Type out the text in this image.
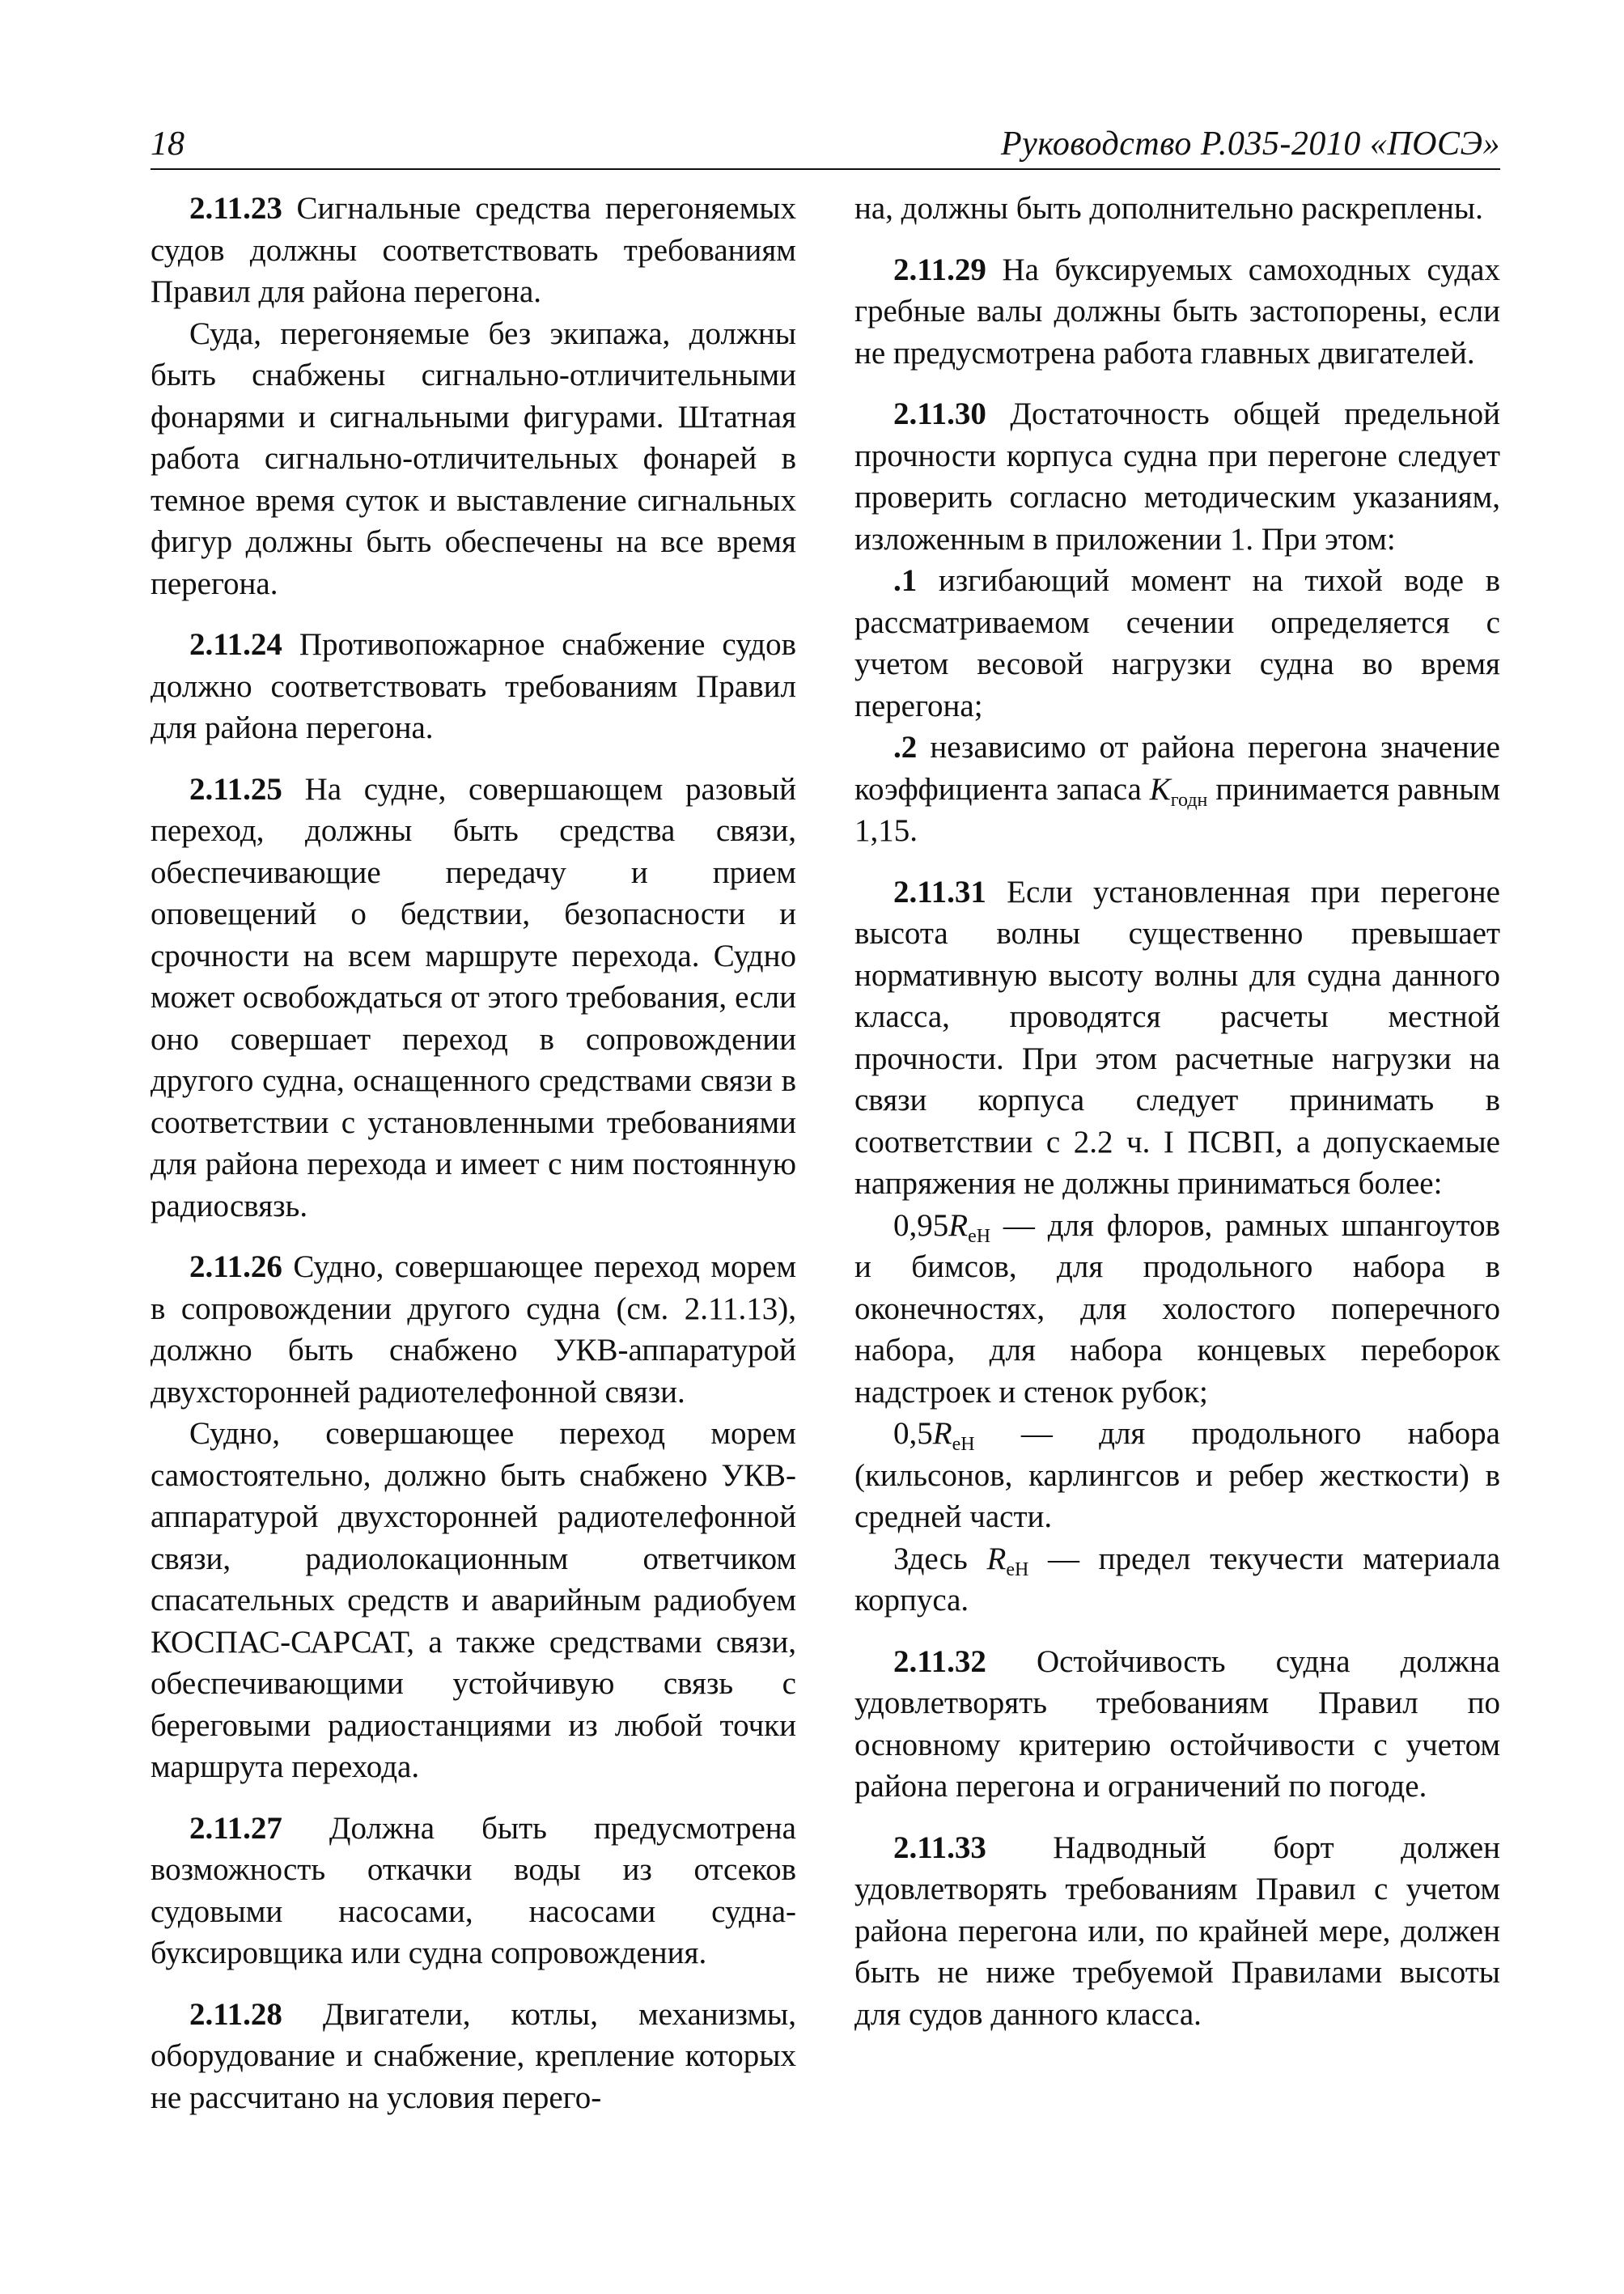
18	Руководство Р.035-2010 «ПОСЭ»

2.11.23 Сигнальные средства перегоняемых судов должны соответствовать требованиям Правил для района перегона.

Суда, перегоняемые без экипажа, должны быть снабжены сигнально-отличительными фонарями и сигнальными фигурами. Штатная работа сигнально-отличительных фонарей в темное время суток и выставление сигнальных фигур должны быть обеспечены на все время перегона.

2.11.24 Противопожарное снабжение судов должно соответствовать требованиям Правил для района перегона.

2.11.25 На судне, совершающем разовый переход, должны быть средства связи, обеспечивающие передачу и прием оповещений о бедствии, безопасности и срочности на всем маршруте перехода. Судно может освобождаться от этого требования, если оно совершает переход в сопровождении другого судна, оснащенного средствами связи в соответствии с установленными требованиями для района перехода и имеет с ним постоянную радиосвязь.

2.11.26 Судно, совершающее переход морем в сопровождении другого судна (см. 2.11.13), должно быть снабжено УКВ-аппаратурой двухсторонней радиотелефонной связи.

Судно, совершающее переход морем самостоятельно, должно быть снабжено УКВ-аппаратурой двухсторонней радиотелефонной связи, радиолокационным ответчиком спасательных средств и аварийным радиобуем КОСПАС-САРСАТ, а также средствами связи, обеспечивающими устойчивую связь с береговыми радиостанциями из любой точки маршрута перехода.

2.11.27 Должна быть предусмотрена возможность откачки воды из отсеков судовыми насосами, насосами судна-буксировщика или судна сопровождения.

2.11.28 Двигатели, котлы, механизмы, оборудование и снабжение, крепление которых не рассчитано на условия перего-

на, должны быть дополнительно раскреплены.

2.11.29 На буксируемых самоходных судах гребные валы должны быть застопорены, если не предусмотрена работа главных двигателей.

2.11.30 Достаточность общей предельной прочности корпуса судна при перегоне следует проверить согласно методическим указаниям, изложенным в приложении 1. При этом:

.1 изгибающий момент на тихой воде в рассматриваемом сечении определяется с учетом весовой нагрузки судна во время перегона;

.2 независимо от района перегона значение коэффициента запаса $K_{годн}$ принимается равным 1,15.

2.11.31 Если установленная при перегоне высота волны существенно превышает нормативную высоту волны для судна данного класса, проводятся расчеты местной прочности. При этом расчетные нагрузки на связи корпуса следует принимать в соответствии с 2.2 ч. I ПСВП, а допускаемые напряжения не должны приниматься более:

$0,95R_{eH}$ — для флоров, рамных шпангоутов и бимсов, для продольного набора в оконечностях, для холостого поперечного набора, для набора концевых переборок надстроек и стенок рубок;

$0,5R_{eH}$ — для продольного набора (кильсонов, карлингсов и ребер жесткости) в средней части.

Здесь $R_{eH}$ — предел текучести материала корпуса.

2.11.32 Остойчивость судна должна удовлетворять требованиям Правил по основному критерию остойчивости с учетом района перегона и ограничений по погоде.

2.11.33 Надводный борт должен удовлетворять требованиям Правил с учетом района перегона или, по крайней мере, должен быть не ниже требуемой Правилами высоты для судов данного класса.
